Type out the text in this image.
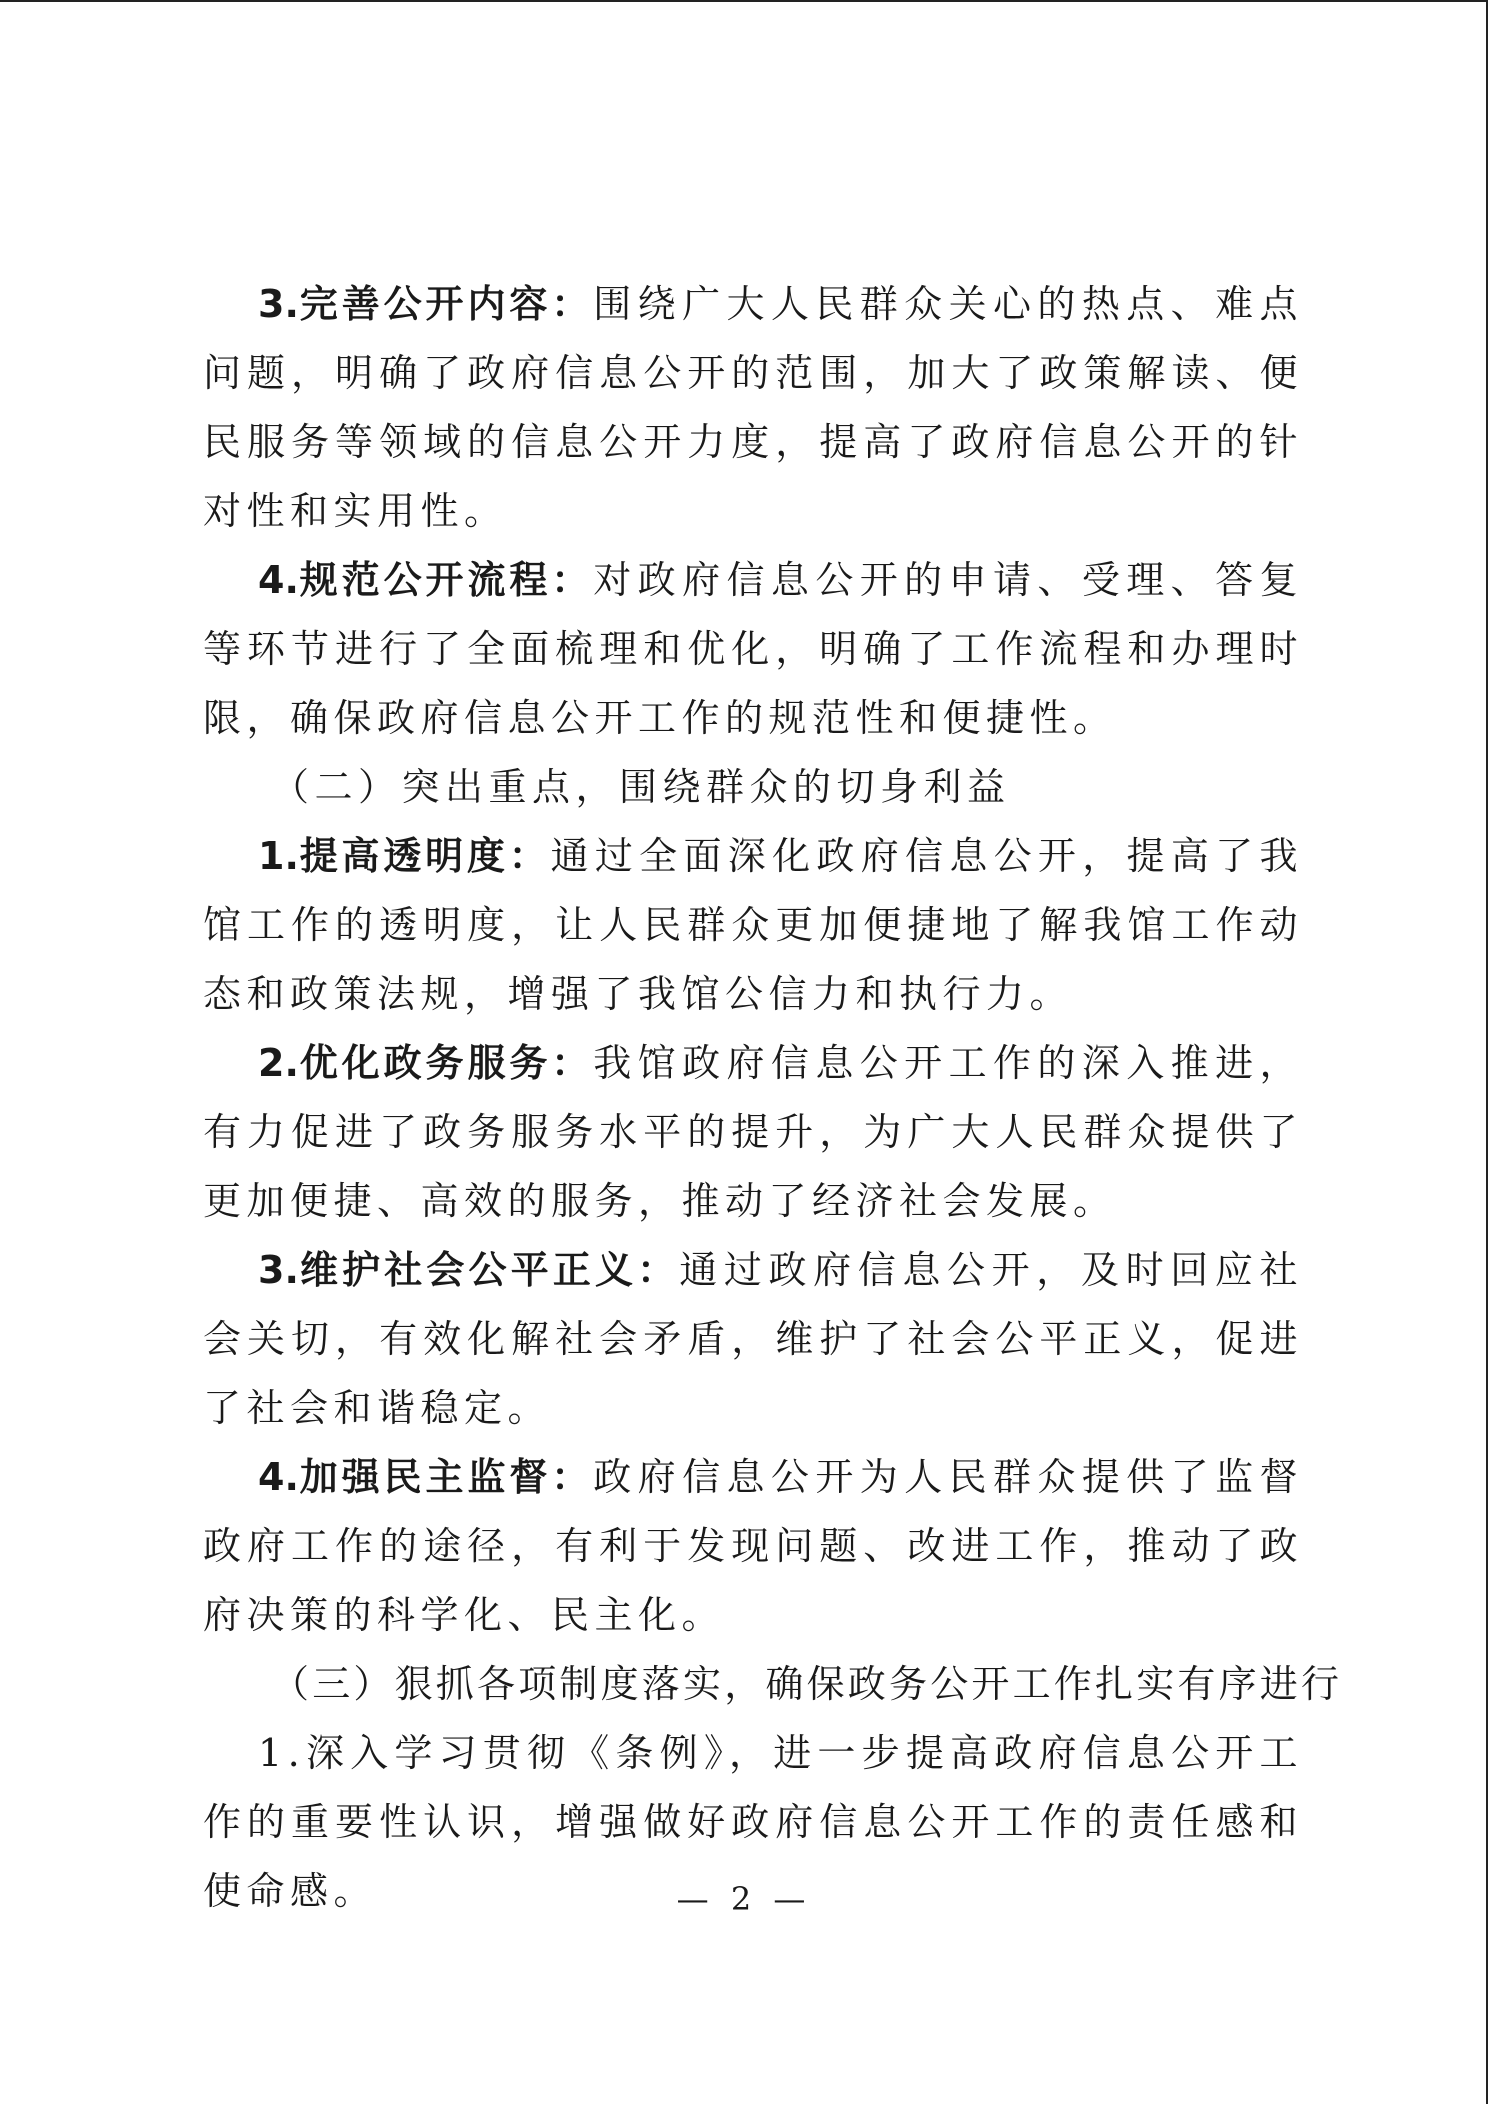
3.完善公开内容：围绕广大人民群众关心的热点、难点问题，明确了政府信息公开的范围，加大了政策解读、便民服务等领域的信息公开力度，提高了政府信息公开的针对性和实用性。

4.规范公开流程：对政府信息公开的申请、受理、答复等环节进行了全面梳理和优化，明确了工作流程和办理时限，确保政府信息公开工作的规范性和便捷性。

（二）突出重点，围绕群众的切身利益

1.提高透明度：通过全面深化政府信息公开，提高了我馆工作的透明度，让人民群众更加便捷地了解我馆工作动态和政策法规，增强了我馆公信力和执行力。

2.优化政务服务：我馆政府信息公开工作的深入推进，有力促进了政务服务水平的提升，为广大人民群众提供了更加便捷、高效的服务，推动了经济社会发展。

3.维护社会公平正义：通过政府信息公开，及时回应社会关切，有效化解社会矛盾，维护了社会公平正义，促进了社会和谐稳定。

4.加强民主监督：政府信息公开为人民群众提供了监督政府工作的途径，有利于发现问题、改进工作，推动了政府决策的科学化、民主化。

（三）狠抓各项制度落实，确保政务公开工作扎实有序进行

1.深入学习贯彻《条例》，进一步提高政府信息公开工作的重要性认识，增强做好政府信息公开工作的责任感和使命感。	— 2 —
